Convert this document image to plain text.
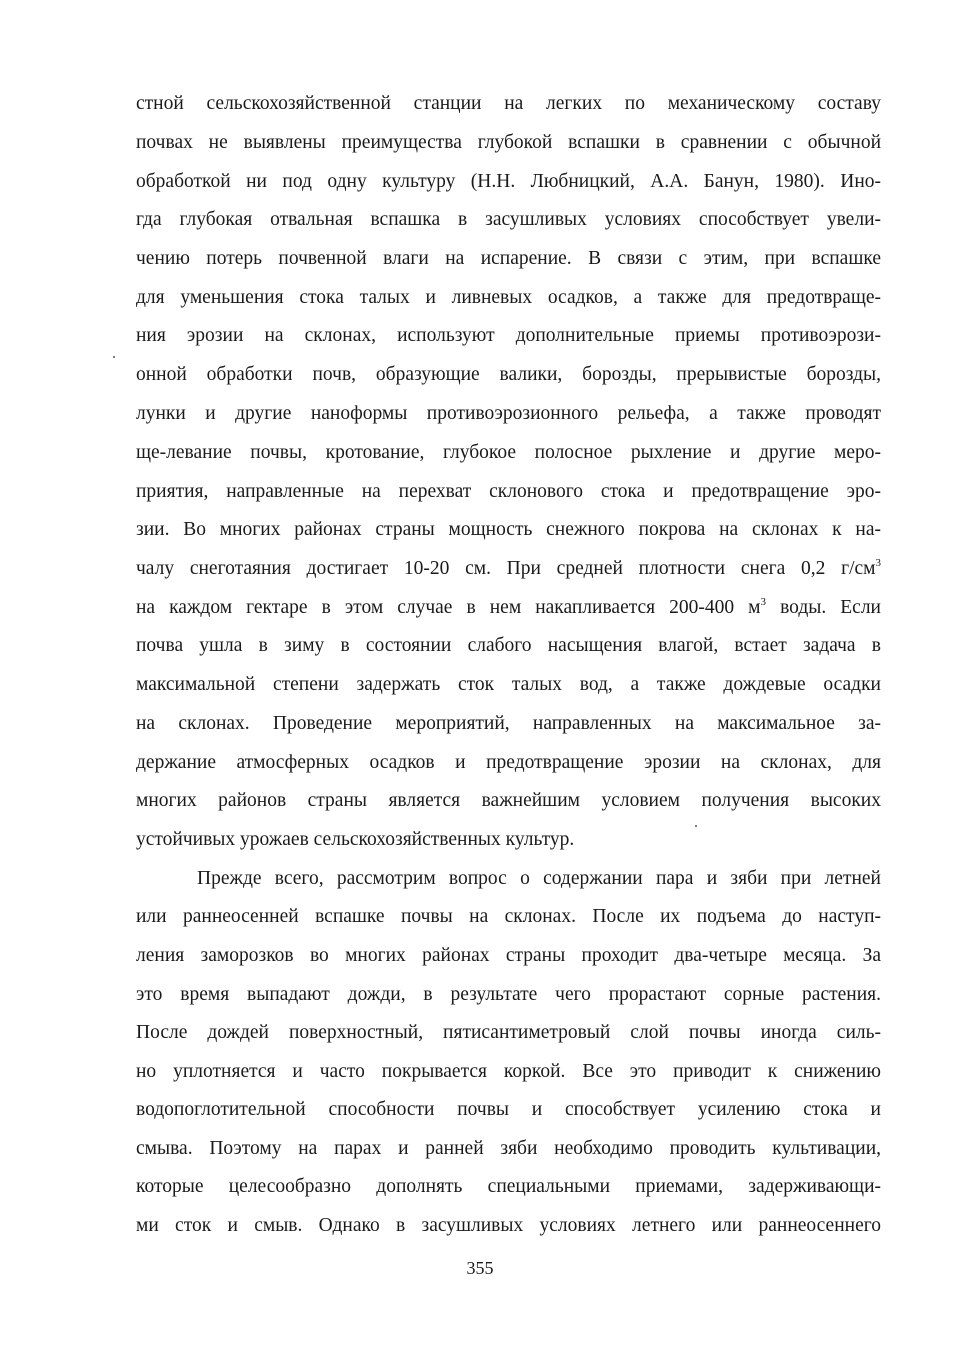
стной сельскохозяйственной станции на легких по механическому составу
почвах не выявлены преимущества глубокой вспашки в сравнении с обычной
обработкой ни под одну культуру (Н.Н. Любницкий, А.А. Банун, 1980). Ино-
гда глубокая отвальная вспашка в засушливых условиях способствует увели-
чению потерь почвенной влаги на испарение. В связи с этим, при вспашке
для уменьшения стока талых и ливневых осадков, а также для предотвраще-
ния эрозии на склонах, используют дополнительные приемы противоэрози-
онной обработки почв, образующие валики, борозды, прерывистые борозды,
лунки и другие наноформы противоэрозионного рельефа, а также проводят
ще-левание почвы, кротование, глубокое полосное рыхление и другие меро-
приятия, направленные на перехват склонового стока и предотвращение эро-
зии. Во многих районах страны мощность снежного покрова на склонах к на-
чалу снеготаяния достигает 10-20 см. При средней плотности снега 0,2 $г/см^3$
на каждом гектаре в этом случае в нем накапливается 200-400 $м^3$ воды. Если
почва ушла в зиму в состоянии слабого насыщения влагой, встает задача в
максимальной степени задержать сток талых вод, а также дождевые осадки
на склонах. Проведение мероприятий, направленных на максимальное за-
держание атмосферных осадков и предотвращение эрозии на склонах, для
многих районов страны является важнейшим условием получения высоких
устойчивых урожаев сельскохозяйственных культур.
Прежде всего, рассмотрим вопрос о содержании пара и зяби при летней
или раннеосенней вспашке почвы на склонах. После их подъема до наступ-
ления заморозков во многих районах страны проходит два-четыре месяца. За
это время выпадают дожди, в результате чего прорастают сорные растения.
После дождей поверхностный, пятисантиметровый слой почвы иногда силь-
но уплотняется и часто покрывается коркой. Все это приводит к снижению
водопоглотительной способности почвы и способствует усилению стока и
смыва. Поэтому на парах и ранней зяби необходимо проводить культивации,
которые целесообразно дополнять специальными приемами, задерживающи-
ми сток и смыв. Однако в засушливых условиях летнего или раннеосеннего
355
